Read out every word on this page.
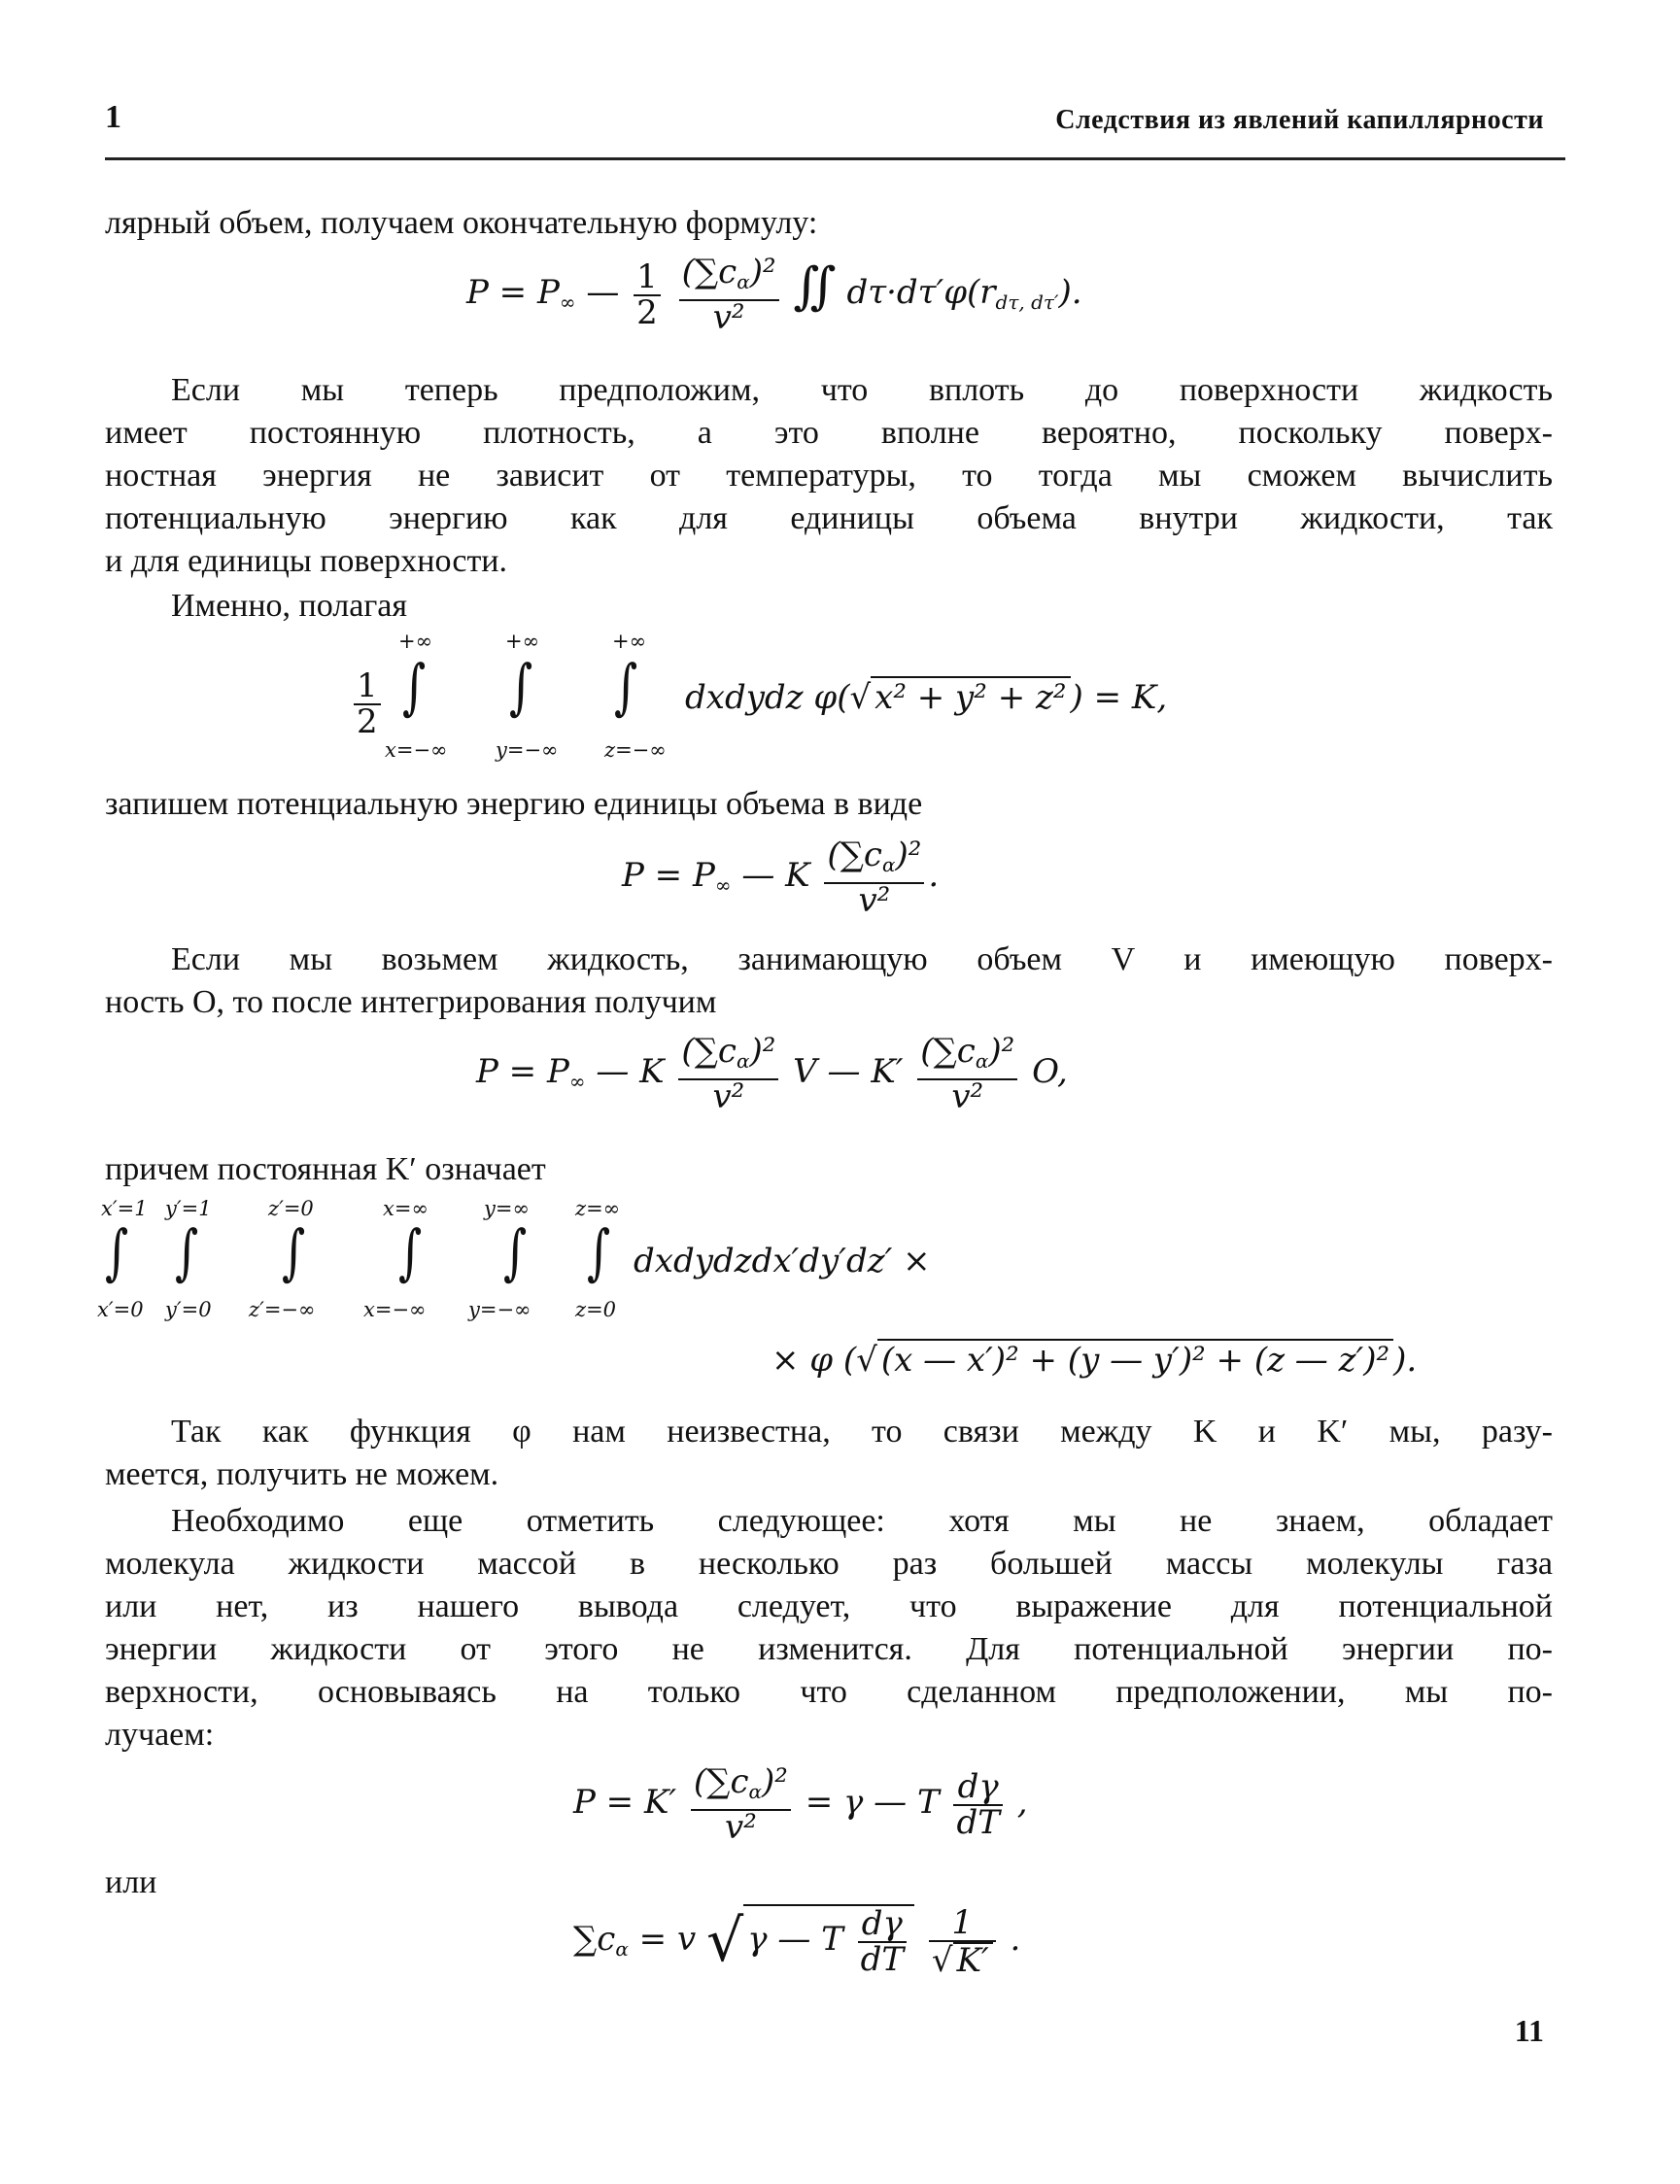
1	Следствия из явлений капиллярности
лярный объем, получаем окончательную формулу:
$P = P_\infty$ — $\frac{1}{2}$
$\frac{(\sum c_\alpha)^2}{\text{v²}}$ ∬ $d\tau\cdot d\tau'\varphi(r_{d\tau, d\tau'})$.
Если мы теперь предположим, что вплоть до поверхности жидкость
имеет постоянную плотность, а это вполне вероятно, поскольку поверх-
ностная энергия не зависит от температуры, то тогда мы сможем вычислить
потенциальную энергию как для единицы объема внутри жидкости, так
и для единицы поверхности.
Именно, полагая
$\frac{1}{2}$
+∞
∫
x=−∞
+∞
∫
y=−∞
+∞
∫
z=−∞
dxdydz φ(√ x² + y² + z² ) = K,
запишем потенциальную энергию единицы объема в виде
$P = P_\infty$ — K $\frac{(\sum c_\alpha)^2}{\text{v²}}$ .
Если мы возьмем жидкость, занимающую объем V и имеющую поверх-
ность O, то после интегрирования получим
$P = P_\infty$ — K $\frac{(\sum c_\alpha)^2}{\text{v²}}$ V — $K' \frac{(\sum c_\alpha)^2}{\text{v²}} O$,
причем постоянная K′ означает
x′=1 y′=1	z′=0	x=∞	y=∞ z=∞
∫ ∫ ∫ ∫ ∫ ∫
x′=0 y′=0 z′=−∞ x=−∞ y=−∞ z=0
dxdydzdx′dy′dz′ ×
× φ (√ (x — x′)² + (y — y′)² + (z — z′)² ).
Так как функция φ нам неизвестна, то связи между K и K′ мы, разу-
меется, получить не можем.
Необходимо еще отметить следующее: хотя мы не знаем, обладает
молекула жидкости массой в несколько раз большей массы молекулы газа
или нет, из нашего вывода следует, что выражение для потенциальной
энергии жидкости от этого не изменится. Для потенциальной энергии по-
верхности, основываясь на только что сделанном предположении, мы по-
лучаем:
$P = K' \frac{(\sum c_\alpha)^2}{\text{v²}} = \gamma$ — T $\frac{d\gamma}{dT}$ ,
или
$\sum c_\alpha = v$ √ γ — T $\frac{d\gamma}{dT}$
$\frac{1}{√ K'}$ .
11
